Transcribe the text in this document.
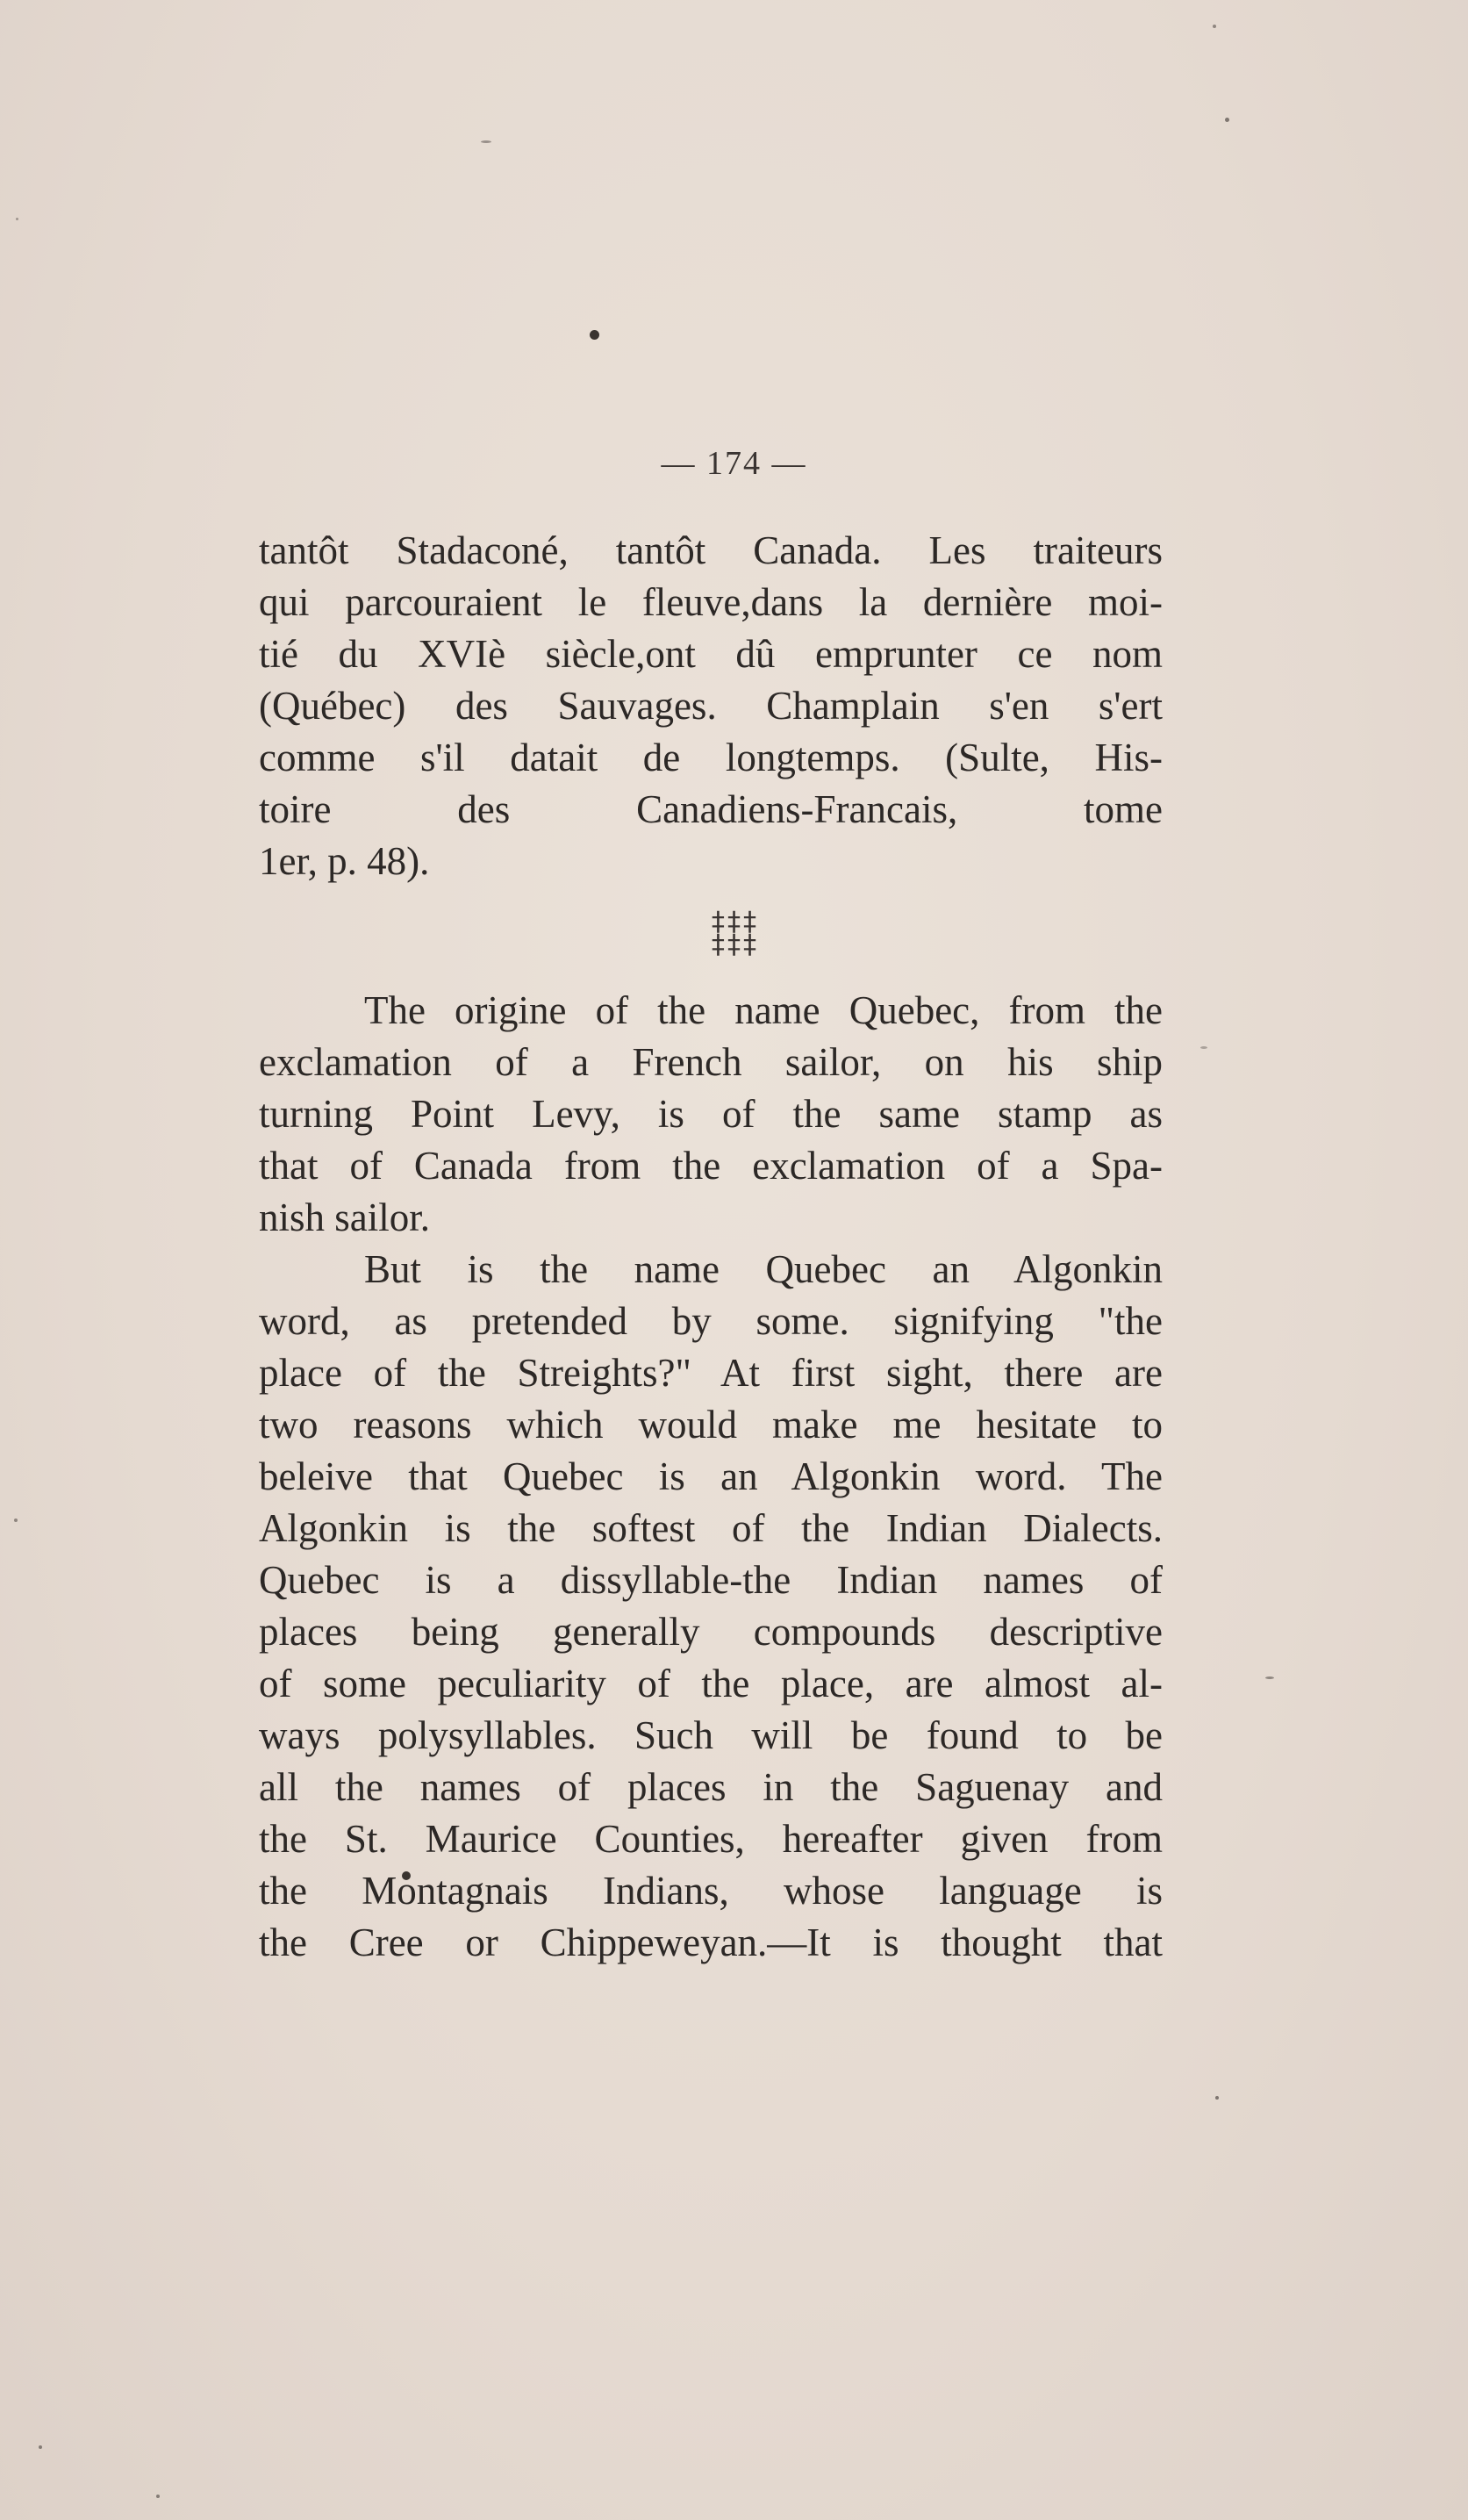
— 174 —
tantôt Stadaconé, tantôt Canada. Les traiteurs
qui parcouraient le fleuve,dans la dernière moi-
tié du XVIè siècle,ont dû emprunter ce nom
(Québec) des Sauvages. Champlain s'en s'ert
comme s'il datait de longtemps. (Sulte, His-
toire des Canadiens-Francais, tome
1er, p. 48).
‡‡‡
‡‡‡
The origine of the name Quebec, from the
exclamation of a French sailor, on his ship
turning Point Levy, is of the same stamp as
that of Canada from the exclamation of a Spa-
nish sailor.
But is the name Quebec an Algonkin
word, as pretended by some. signifying "the
place of the Streights?" At first sight, there are
two reasons which would make me hesitate to
beleive that Quebec is an Algonkin word. The
Algonkin is the softest of the Indian Dialects.
Quebec is a dissyllable-the Indian names of
places being generally compounds descriptive
of some peculiarity of the place, are almost al-
ways polysyllables. Such will be found to be
all the names of places in the Saguenay and
the St. Maurice Counties, hereafter given from
the Montagnais Indians, whose language is
the Cree or Chippeweyan.—It is thought that
